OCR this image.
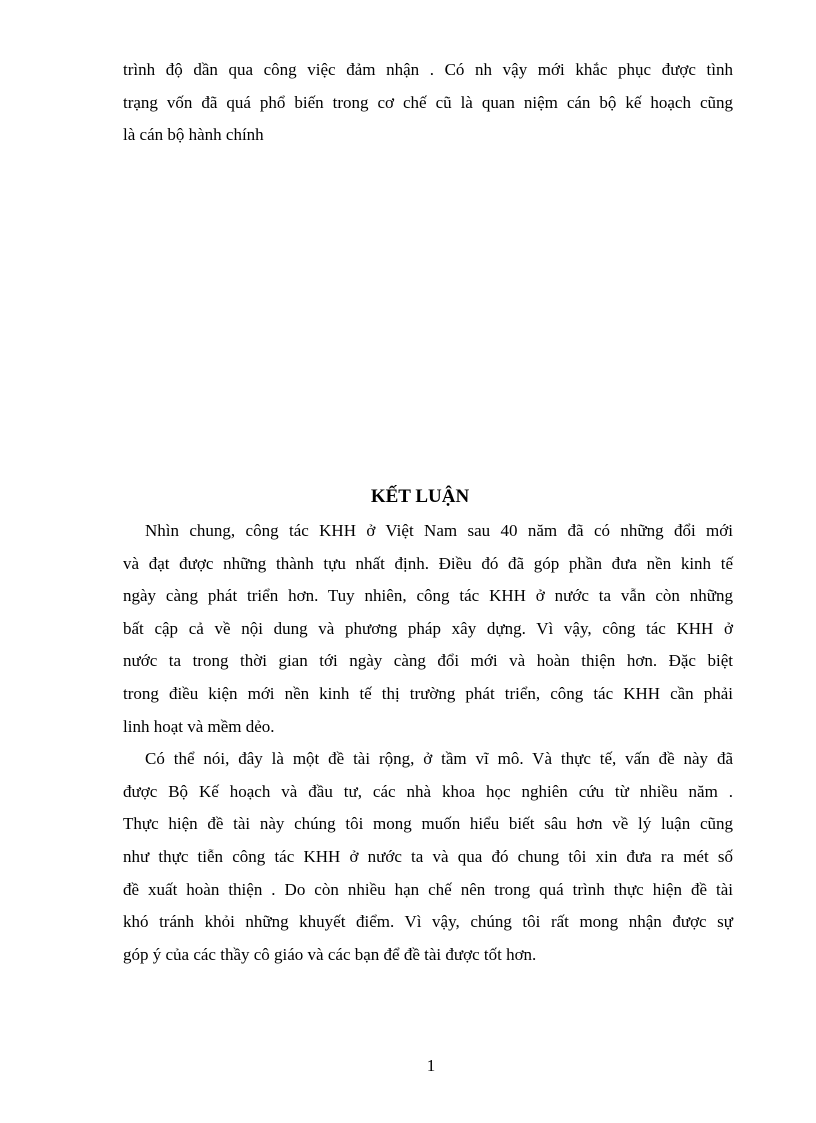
trình độ dần qua công việc đảm nhận . Có nh vậy mới khắc phục được tình
trạng vốn đã quá phổ biến trong cơ chế cũ là quan niệm cán bộ kế hoạch cũng
là cán bộ hành chính
KẾT LUẬN
Nhìn chung, công tác KHH ở Việt Nam sau 40 năm đã có những đổi mới
và đạt được những thành tựu nhất định. Điều đó đã góp phần đưa nền kinh tế
ngày càng phát triển hơn. Tuy nhiên, công tác KHH ở nước ta vẫn còn những
bất cập cả về nội dung và phương pháp xây dựng. Vì vậy, công tác KHH ở
nước ta trong thời gian tới ngày càng đổi mới và hoàn thiện hơn. Đặc biệt
trong điều kiện mới nền kinh tế thị trường phát triển, công tác KHH cần phải
linh hoạt và mềm dẻo.
Có thể nói, đây là một đề tài rộng, ở tầm vĩ mô. Và thực tế, vấn đề này đã
được Bộ Kế hoạch và đầu tư, các nhà khoa học nghiên cứu từ nhiều năm .
Thực hiện đề tài này chúng tôi mong muốn hiểu biết sâu hơn về lý luận cũng
như thực tiễn công tác KHH ở nước ta và qua đó chung tôi xin đưa ra mét số
đề xuất hoàn thiện . Do còn nhiều hạn chế nên trong quá trình thực hiện đề tài
khó tránh khỏi những khuyết điểm. Vì vậy, chúng tôi rất mong nhận được sự
góp ý của các thầy cô giáo và các bạn để đề tài được tốt hơn.
1
